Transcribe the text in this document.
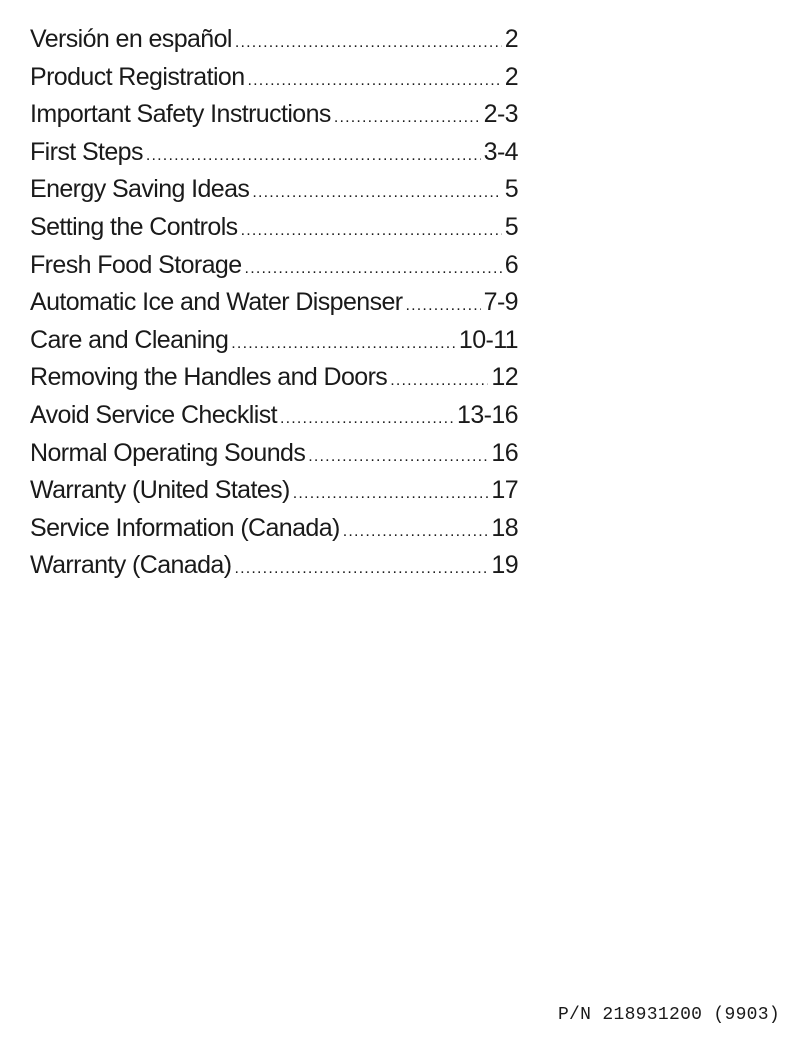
Versión en español .....	2
Product Registration .....	2
Important Safety Instructions .....	2-3
First Steps .....	3-4
Energy Saving Ideas .....	5
Setting the Controls .....	5
Fresh Food Storage .....	6
Automatic Ice and Water Dispenser .....	7-9
Care and Cleaning .....	10-11
Removing the Handles and Doors .....	12
Avoid Service Checklist .....	13-16
Normal Operating Sounds .....	16
Warranty (United States) .....	17
Service Information (Canada) .....	18
Warranty (Canada) .....	19
P/N 218931200 (9903)
